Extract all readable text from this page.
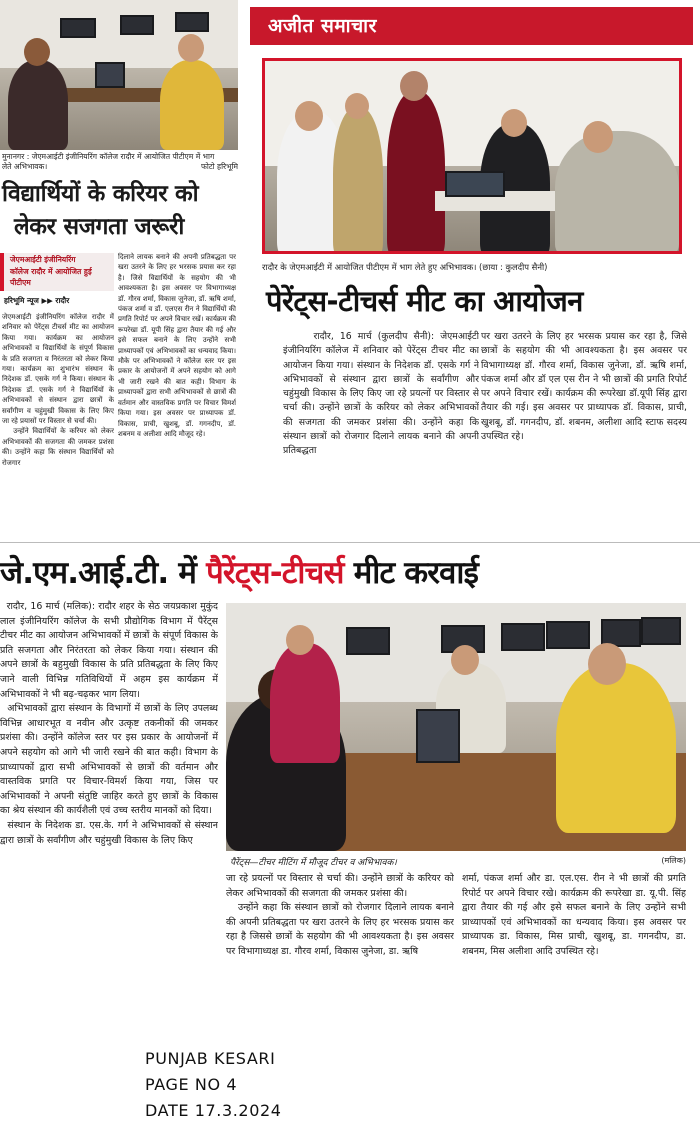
मुनानगर : जेएमआईटी इंजीनियरिंग कॉलेज रादौर में आयोजित पीटीएम में भाग
लेते अभिभावक।	फोटो हरिभूमि
विद्यार्थियों के करियर को
लेकर सजगता जरूरी
जेएमआईटी इंजीनियरिंग
कॉलेज रादौर में आयोजित हुई
पीटीएम
हरिभूमि न्यूज ▶▶ रादौर
जेएमआईटी इंजीनियरिंग कॉलेज रादौर में शनिवार को पेरेंट्स टीचर्स मीट का आयोजन किया गया। कार्यक्रम का आयोजन अभिभावकों व विद्यार्थियों के संपूर्ण विकास के प्रति सजगता व निरंतरता को लेकर किया गया। कार्यक्रम का शुभारंभ संस्थान के निदेशक डॉ. एसके गर्ग ने किया। संस्थान के निदेशक डॉ. एसके गर्ग ने विद्यार्थियों के अभिभावकों से संस्थान द्वारा छात्रों के सर्वांगीण व चहुंमुखी विकास के लिए किए जा रहे प्रयासों पर विस्तार से चर्चा की।
उन्होंने विद्यार्थियों के करियर को लेकर अभिभावकों की सजगता की जमकर प्रशंसा की। उन्होंने कहा कि संस्थान विद्यार्थियों को रोजगार
दिलाने लायक बनाने की अपनी प्रतिबद्धता पर खरा उतरने के लिए हर भरसक प्रयास कर रहा है। जिसे विद्यार्थियों के सहयोग की भी आवश्यकता है। इस अवसर पर विभागाध्यक्ष डॉ. गौरव शर्मा, विकास जुनेजा, डॉ. ऋषि शर्मा, पंकज शर्मा व डॉ. एलएस रीन ने विद्यार्थियों की प्रगति रिपोर्ट पर अपने विचार रखें। कार्यक्रम की रूपरेखा डॉ. यूपी सिंह द्वारा तैयार की गई और इसे सफल बनाने के लिए उन्होंने सभी प्राध्यापकों एवं अभिभावकों का धन्यवाद किया। मौके पर अभिभावकों ने कॉलेज स्तर पर इस प्रकार के आयोजनों में अपने सहयोग को आगे भी जारी रखने की बात कही। विभाग के प्राध्यापकों द्वारा सभी अभिभावकों से छात्रों की वर्तमान और वास्तविक प्रगति पर विचार विमर्श किया गया। इस अवसर पर प्राध्यापक डॉ. विकास, प्राची, खुशबू, डॉ. गगनदीप, डॉ. शबनम व अलीशा आदि मौजूद रहे।
अजीत समाचार
रादौर के जेएमआईटी में आयोजित पीटीएम में भाग लेते हुए अभिभावक। (छाया : कुलदीप सैनी)
पेरेंट्स-टीचर्स मीट का आयोजन
रादौर, 16 मार्च (कुलदीप सैनी): जेएमआईटी इंजीनियरिंग कॉलेज में शनिवार को पेरेंट्स टीचर मीट का आयोजन किया गया। संस्थान के निदेशक डॉ. एसके गर्ग ने अभिभावकों से संस्थान द्वारा छात्रों के सर्वांगीण और चहुंमुखी विकास के लिए किए जा रहे प्रयत्नों पर विस्तार से चर्चा की। उन्होंने छात्रों के करियर को लेकर अभिभावकों की सजगता की जमकर प्रशंसा की। उन्होंने कहा कि संस्थान छात्रों को रोजगार दिलाने लायक बनाने की अपनी प्रतिबद्धता
पर खरा उतरने के लिए हर भरसक प्रयास कर रहा है, जिसे छात्रों के सहयोग की भी आवश्यकता है। इस अवसर पर विभागाध्यक्ष डॉ. गौरव शर्मा, विकास जुनेजा, डॉ. ऋषि शर्मा, पंकज शर्मा और डॉ एल एस रीन ने भी छात्रों की प्रगति रिपोर्ट पर अपने विचार रखें। कार्यक्रम की रूपरेखा डॉ.यूपी सिंह द्वारा तैयार की गई। इस अवसर पर प्राध्यापक डॉ. विकास, प्राची, खुशबू, डॉ. गगनदीप, डॉ. शबनम, अलीशा आदि स्टाफ सदस्य उपस्थित रहे।
जे.एम.आई.टी. में पैरेंट्स-टीचर्स मीट करवाई
रादौर, 16 मार्च (मलिक): रादौर शहर के सेठ जयप्रकाश मुकुंद लाल इंजीनियरिंग कॉलेज के सभी प्रौद्योगिक विभाग में पैरेंट्स टीचर मीट का आयोजन अभिभावकों में छात्रों के संपूर्ण विकास के प्रति सजगता और निरंतरता को लेकर किया गया। संस्थान की अपने छात्रों के बहुमुखी विकास के प्रति प्रतिबद्धता के लिए किए जाने वाली विभिन्न गतिविधियों में अहम इस कार्यक्रम में अभिभावकों ने भी बढ़-चढ़कर भाग लिया।
अभिभावकों द्वारा संस्थान के विभागों में छात्रों के लिए उपलब्ध विभिन्न आधारभूत व नवीन और उत्कृष्ट तकनीकों की जमकर प्रशंसा की। उन्होंने कॉलेज स्तर पर इस प्रकार के आयोजनों में अपने सहयोग को आगे भी जारी रखने की बात कही। विभाग के प्राध्यापकों द्वारा सभी अभिभावकों से छात्रों की वर्तमान और वास्तविक प्रगति पर विचार-विमर्श किया गया, जिस पर अभिभावकों ने अपनी संतुष्टि जाहिर करते हुए छात्रों के विकास का श्रेय संस्थान की कार्यशैली एवं उच्च स्तरीय मानकों को दिया।
संस्थान के निदेशक डा. एस.के. गर्ग ने अभिभावकों से संस्थान द्वारा छात्रों के सर्वांगीण और चहुंमुखी विकास के लिए किए
पैरेंट्स—टीचर मीटिंग में मौजूद टीचर व अभिभावक।	(मलिक)
जा रहे प्रयत्नों पर विस्तार से चर्चा की। उन्होंने छात्रों के करियर को लेकर अभिभावकों की सजगता की जमकर प्रशंसा की।
उन्होंने कहा कि संस्थान छात्रों को रोजगार दिलाने लायक बनाने की अपनी प्रतिबद्धता पर खरा उतरने के लिए हर भरसक प्रयास कर रहा है जिससे छात्रों के सहयोग की भी आवश्यकता है। इस अवसर पर विभागाध्यक्ष डा. गौरव शर्मा, विकास जुनेजा, डा. ऋषि
शर्मा, पंकज शर्मा और डा. एल.एस. रीन ने भी छात्रों की प्रगति रिपोर्ट पर अपने विचार रखे। कार्यक्रम की रूपरेखा डा. यू.पी. सिंह द्वारा तैयार की गई और इसे सफल बनाने के लिए उन्होंने सभी प्राध्यापकों एवं अभिभावकों का धन्यवाद किया। इस अवसर पर प्राध्यापक डा. विकास, मिस प्राची, खुशबू, डा. गगनदीप, डा. शबनम, मिस अलीशा आदि उपस्थित रहे।
PUNJAB KESARI
PAGE NO 4
DATE 17.3.2024
